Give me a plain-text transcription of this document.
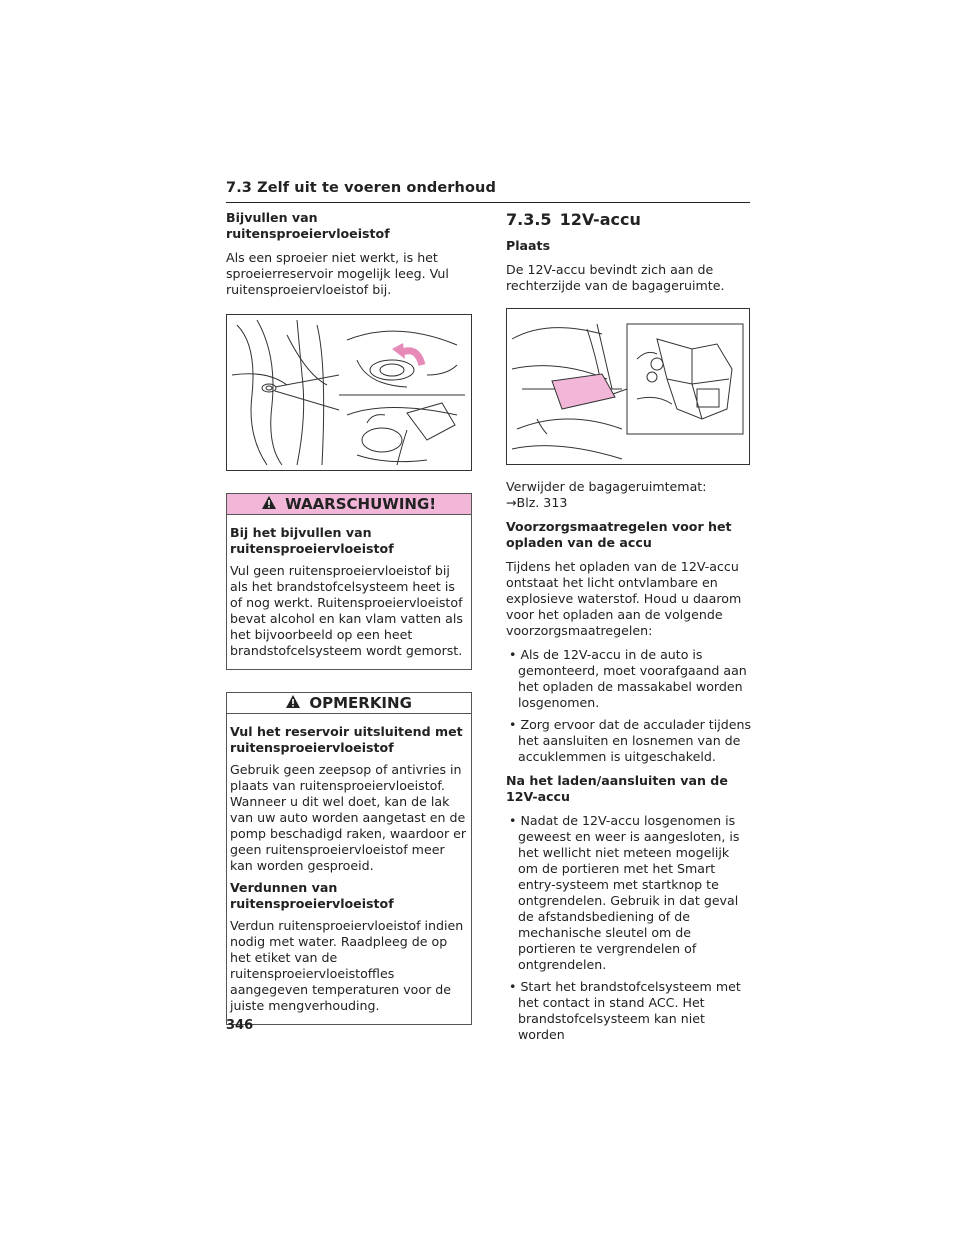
7.3 Zelf uit te voeren onderhoud

Bijvullen van ruitensproeiervloeistof

Als een sproeier niet werkt, is het sproeierreservoir mogelijk leeg. Vul ruitensproeiervloeistof bij.

WAARSCHUWING!

Bij het bijvullen van ruitensproeiervloeistof

Vul geen ruitensproeiervloeistof bij als het brandstofcelsysteem heet is of nog werkt. Ruitensproeiervloeistof bevat alcohol en kan vlam vatten als het bijvoorbeeld op een heet brandstofcelsysteem wordt gemorst.

OPMERKING

Vul het reservoir uitsluitend met ruitensproeiervloeistof

Gebruik geen zeepsop of antivries in plaats van ruitensproeiervloeistof. Wanneer u dit wel doet, kan de lak van uw auto worden aangetast en de pomp beschadigd raken, waardoor er geen ruitensproeiervloeistof meer kan worden gesproeid.

Verdunnen van ruitensproeiervloeistof

Verdun ruitensproeiervloeistof indien nodig met water. Raadpleeg de op het etiket van de ruitensproeiervloeistoffles aangegeven temperaturen voor de juiste mengverhouding.

7.3.5 12V-accu

Plaats

De 12V-accu bevindt zich aan de rechterzijde van de bagageruimte.

Verwijder de bagageruimtemat:
→Blz. 313

Voorzorgsmaatregelen voor het opladen van de accu

Tijdens het opladen van de 12V-accu ontstaat het licht ontvlambare en explosieve waterstof. Houd u daarom voor het opladen aan de volgende voorzorgsmaatregelen:

• Als de 12V-accu in de auto is gemonteerd, moet voorafgaand aan het opladen de massakabel worden losgenomen.
• Zorg ervoor dat de acculader tijdens het aansluiten en losnemen van de accuklemmen is uitgeschakeld.

Na het laden/aansluiten van de 12V-accu

• Nadat de 12V-accu losgenomen is geweest en weer is aangesloten, is het wellicht niet meteen mogelijk om de portieren met het Smart entry-systeem met startknop te ontgrendelen. Gebruik in dat geval de afstandsbediening of de mechanische sleutel om de portieren te vergrendelen of ontgrendelen.
• Start het brandstofcelsysteem met het contact in stand ACC. Het brandstofcelsysteem kan niet worden
346
